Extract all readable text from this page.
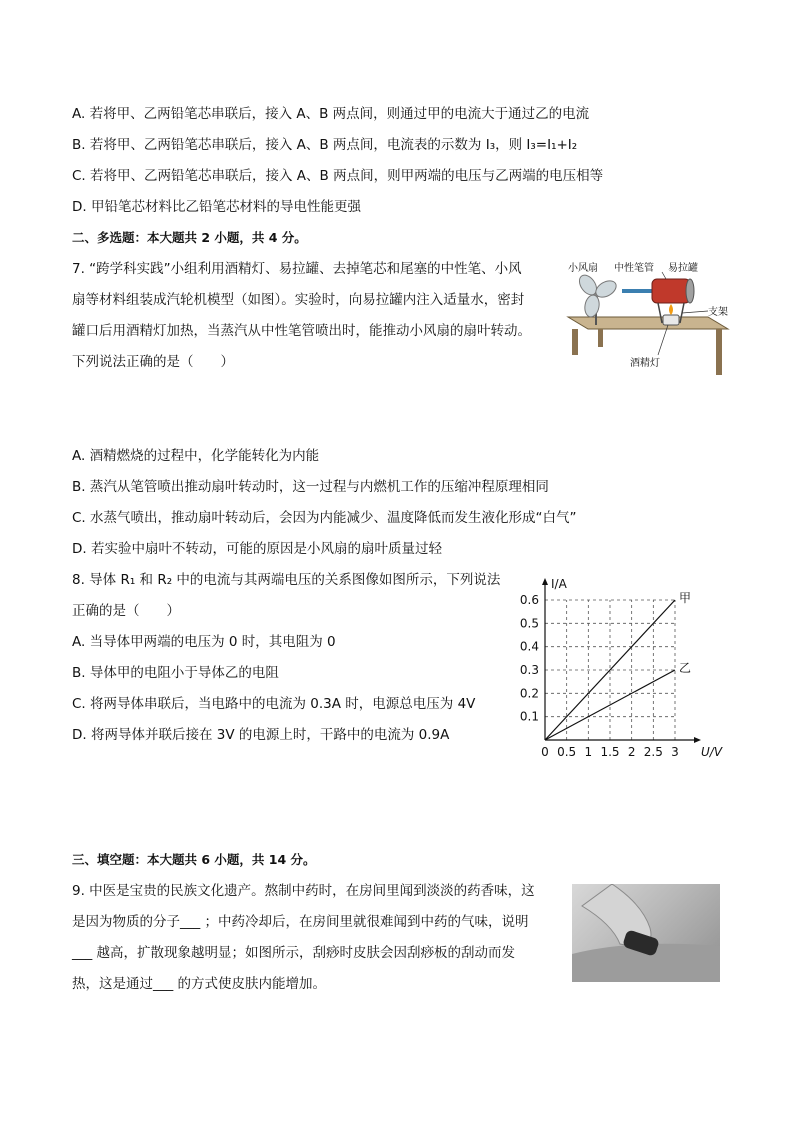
A. 若将甲、乙两铅笔芯串联后，接入 A、B 两点间，则通过甲的电流大于通过乙的电流
B. 若将甲、乙两铅笔芯串联后，接入 A、B 两点间，电流表的示数为 I₃，则 I₃=I₁+I₂
C. 若将甲、乙两铅笔芯串联后，接入 A、B 两点间，则甲两端的电压与乙两端的电压相等
D. 甲铅笔芯材料比乙铅笔芯材料的导电性能更强
二、多选题：本大题共 2 小题，共 4 分。
7. “跨学科实践”小组利用酒精灯、易拉罐、去掉笔芯和尾塞的中性笔、小风
扇等材料组装成汽轮机模型（如图）。实验时，向易拉罐内注入适量水，密封
罐口后用酒精灯加热，当蒸汽从中性笔管喷出时，能推动小风扇的扇叶转动。
下列说法正确的是（　　）
小风扇 中性笔管 易拉罐
支架
酒精灯
A. 酒精燃烧的过程中，化学能转化为内能
B. 蒸汽从笔管喷出推动扇叶转动时，这一过程与内燃机工作的压缩冲程原理相同
C. 水蒸气喷出，推动扇叶转动后，会因为内能减少、温度降低而发生液化形成“白气”
D. 若实验中扇叶不转动，可能的原因是小风扇的扇叶质量过轻
8. 导体 R₁ 和 R₂ 中的电流与其两端电压的关系图像如图所示，下列说法
正确的是（　　）
A. 当导体甲两端的电压为 0 时，其电阻为 0
B. 导体甲的电阻小于导体乙的电阻
C. 将两导体串联后，当电路中的电流为 0.3A 时，电源总电压为 4V
D. 将两导体并联后接在 3V 的电源上时，干路中的电流为 0.9A
甲
乙
0 0.5 1 1.5 2 2.5 3
0.1
0.2
0.3
0.4
0.5
0.6
I/A
U/V
三、填空题：本大题共 6 小题，共 14 分。
9. 中医是宝贵的民族文化遗产。熬制中药时，在房间里闻到淡淡的药香味，这
是因为物质的分子___ ；中药冷却后，在房间里就很难闻到中药的气味，说明
___ 越高，扩散现象越明显；如图所示，刮痧时皮肤会因刮痧板的刮动而发
热，这是通过___ 的方式使皮肤内能增加。
